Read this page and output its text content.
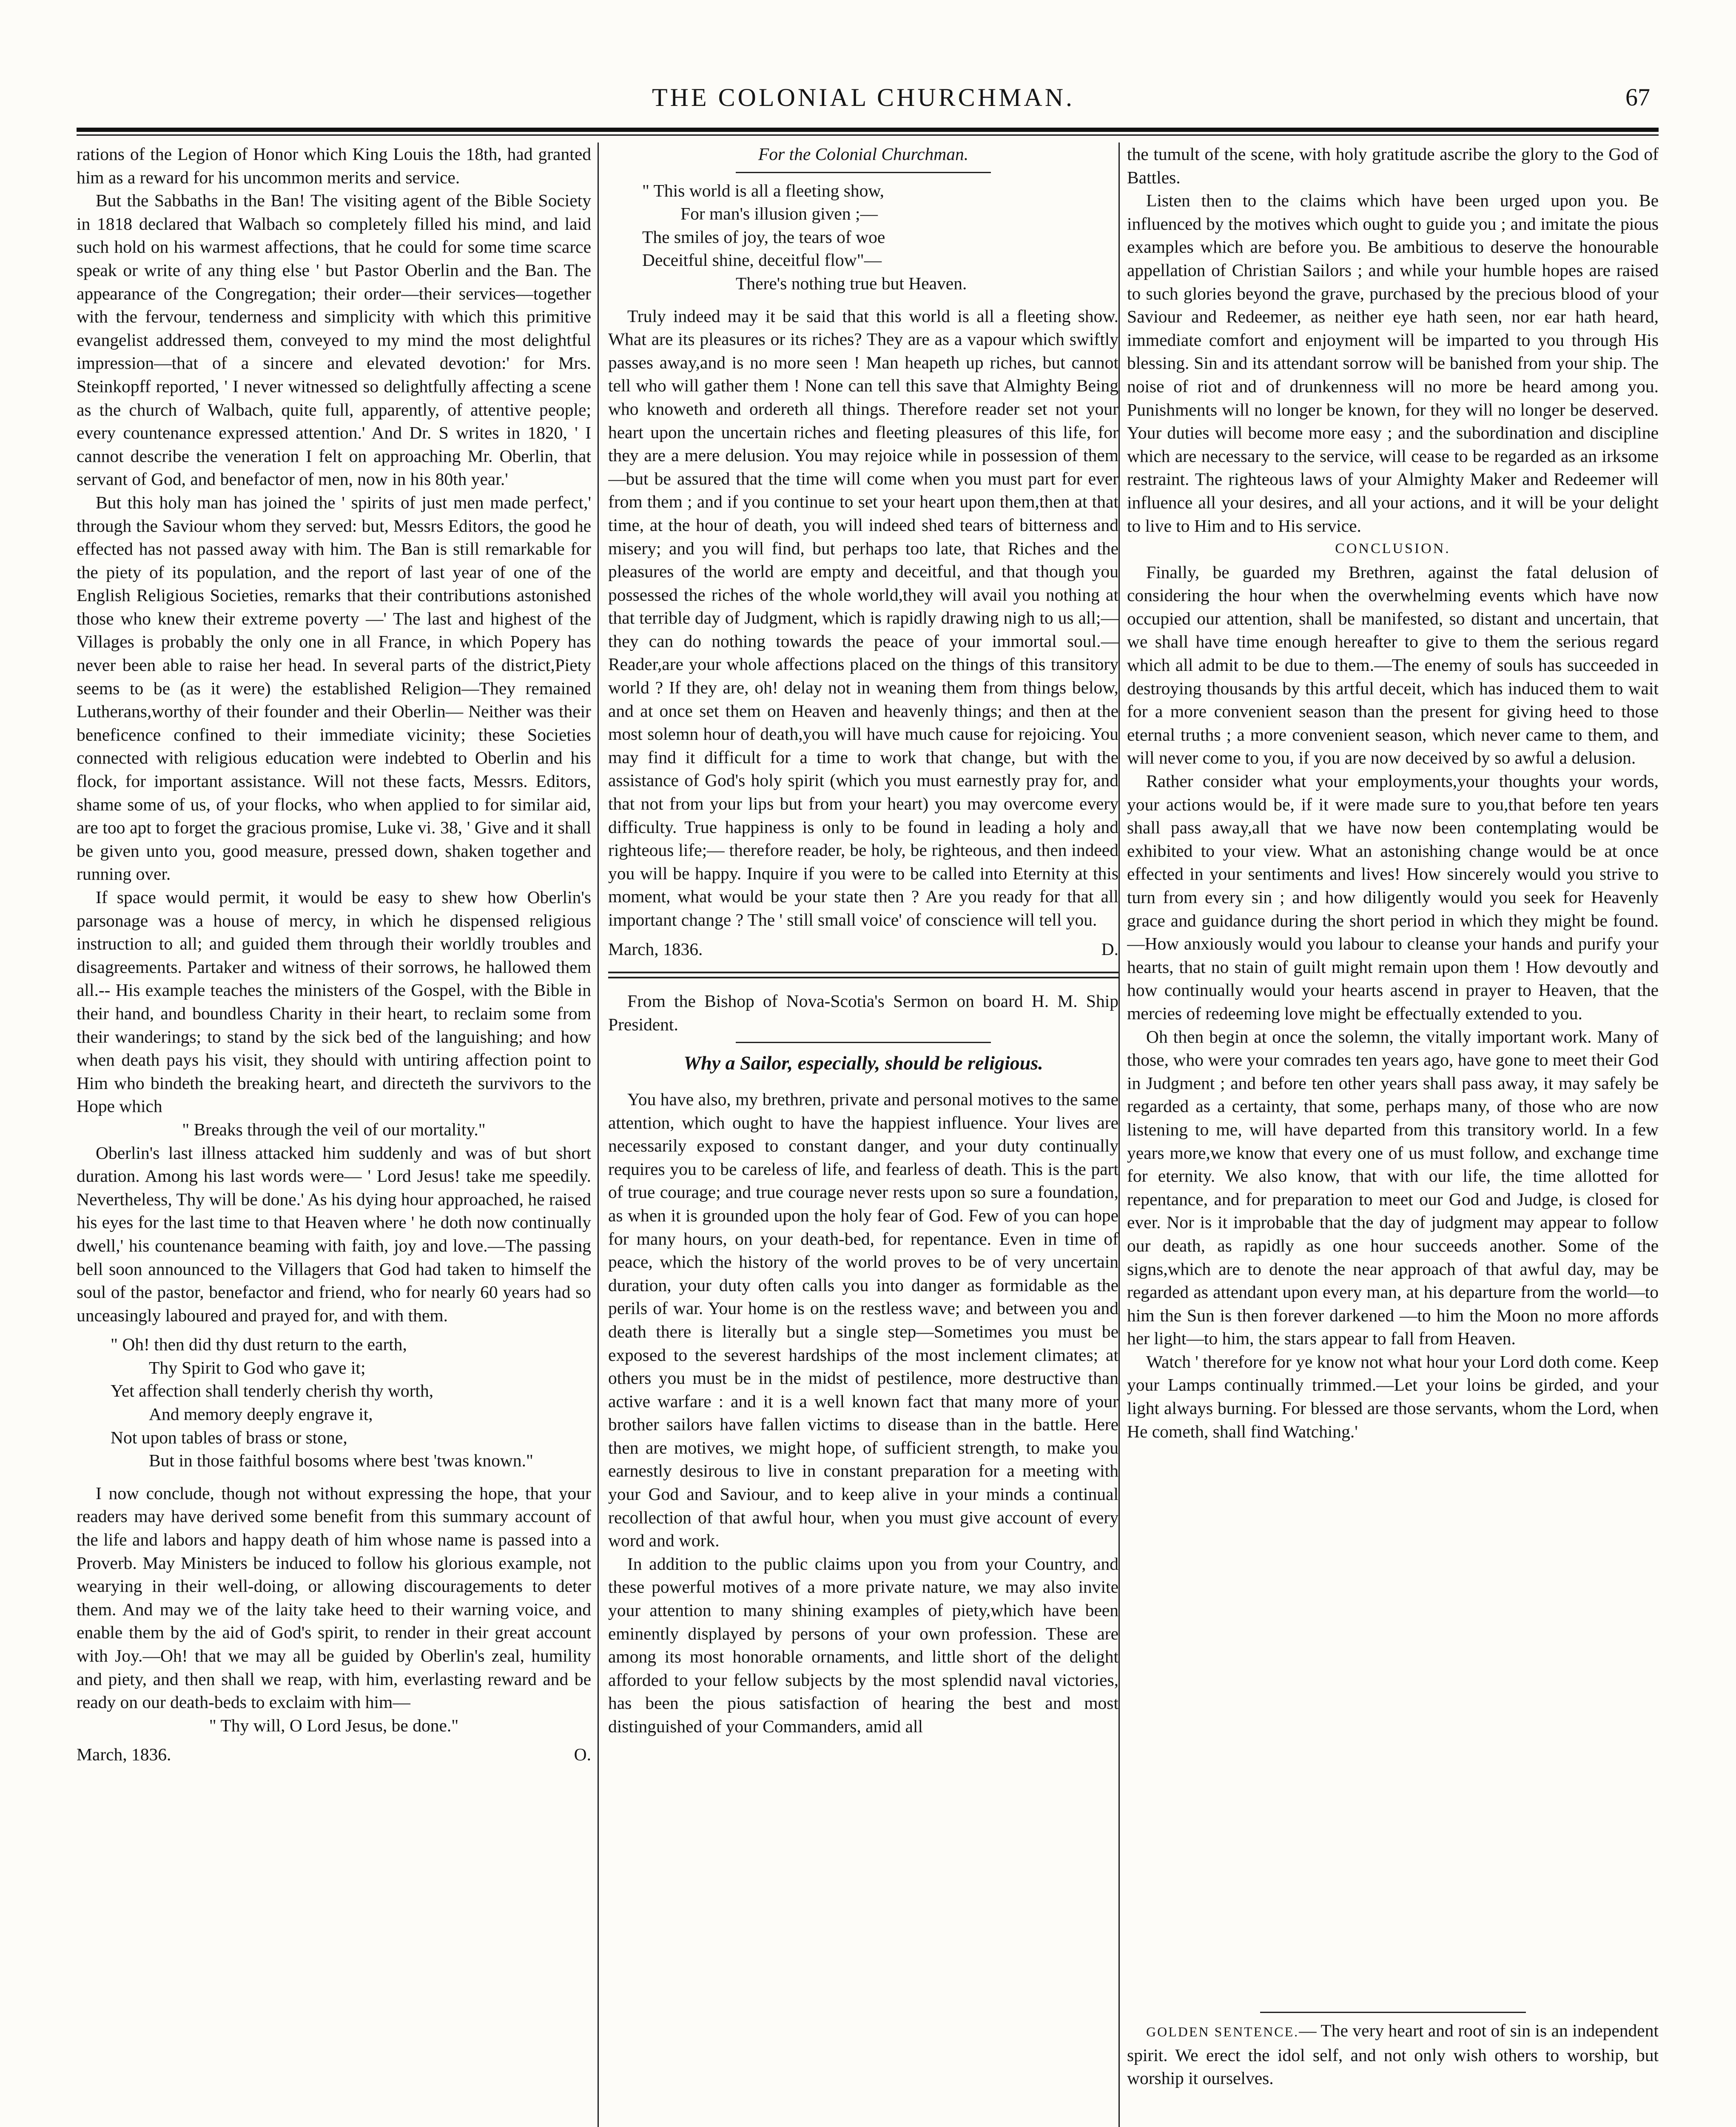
THE COLONIAL CHURCHMAN.	67

rations of the Legion of Honor which King Louis the 18th, had granted him as a reward for his uncommon merits and service.

But the Sabbaths in the Ban! The visiting agent of the Bible Society in 1818 declared that Walbach so completely filled his mind, and laid such hold on his warmest affections, that he could for some time scarce speak or write of any thing else ' but Pastor Oberlin and the Ban. The appearance of the Congregation; their order—their services—together with the fervour, tenderness and simplicity with which this primitive evangelist addressed them, conveyed to my mind the most delightful impression—that of a sincere and elevated devotion:' for Mrs. Steinkopff reported, ' I never witnessed so delightfully affecting a scene as the church of Walbach, quite full, apparently, of attentive people; every countenance expressed attention.' And Dr. S writes in 1820, ' I cannot describe the veneration I felt on approaching Mr. Oberlin, that servant of God, and benefactor of men, now in his 80th year.'

But this holy man has joined the ' spirits of just men made perfect,' through the Saviour whom they served: but, Messrs Editors, the good he effected has not passed away with him. The Ban is still remarkable for the piety of its population, and the report of last year of one of the English Religious Societies, remarks that their contributions astonished those who knew their extreme poverty —' The last and highest of the Villages is probably the only one in all France, in which Popery has never been able to raise her head. In several parts of the district,Piety seems to be (as it were) the established Religion—They remained Lutherans,worthy of their founder and their Oberlin— Neither was their beneficence confined to their immediate vicinity; these Societies connected with religious education were indebted to Oberlin and his flock, for important assistance. Will not these facts, Messrs. Editors, shame some of us, of your flocks, who when applied to for similar aid, are too apt to forget the gracious promise, Luke vi. 38, ' Give and it shall be given unto you, good measure, pressed down, shaken together and running over.

If space would permit, it would be easy to shew how Oberlin's parsonage was a house of mercy, in which he dispensed religious instruction to all; and guided them through their worldly troubles and disagreements. Partaker and witness of their sorrows, he hallowed them all.-- His example teaches the ministers of the Gospel, with the Bible in their hand, and boundless Charity in their heart, to reclaim some from their wanderings; to stand by the sick bed of the languishing; and how when death pays his visit, they should with untiring affection point to Him who bindeth the breaking heart, and directeth the survivors to the Hope which

" Breaks through the veil of our mortality."

Oberlin's last illness attacked him suddenly and was of but short duration. Among his last words were— ' Lord Jesus! take me speedily. Nevertheless, Thy will be done.' As his dying hour approached, he raised his eyes for the last time to that Heaven where ' he doth now continually dwell,' his countenance beaming with faith, joy and love.—The passing bell soon announced to the Villagers that God had taken to himself the soul of the pastor, benefactor and friend, who for nearly 60 years had so unceasingly laboured and prayed for, and with them.

" Oh! then did thy dust return to the earth,
Thy Spirit to God who gave it;
Yet affection shall tenderly cherish thy worth,
And memory deeply engrave it,
Not upon tables of brass or stone,
But in those faithful bosoms where best 'twas known."

I now conclude, though not without expressing the hope, that your readers may have derived some benefit from this summary account of the life and labors and happy death of him whose name is passed into a Proverb. May Ministers be induced to follow his glorious example, not wearying in their well-doing, or allowing discouragements to deter them. And may we of the laity take heed to their warning voice, and enable them by the aid of God's spirit, to render in their great account with Joy.—Oh! that we may all be guided by Oberlin's zeal, humility and piety, and then shall we reap, with him, everlasting reward and be ready on our death-beds to exclaim with him—

" Thy will, O Lord Jesus, be done."

March, 1836.	O.

For the Colonial Churchman.

" This world is all a fleeting show,
For man's illusion given ;—
The smiles of joy, the tears of woe
Deceitful shine, deceitful flow"—
There's nothing true but Heaven.

Truly indeed may it be said that this world is all a fleeting show. What are its pleasures or its riches? They are as a vapour which swiftly passes away,and is no more seen ! Man heapeth up riches, but cannot tell who will gather them ! None can tell this save that Almighty Being who knoweth and ordereth all things. Therefore reader set not your heart upon the uncertain riches and fleeting pleasures of this life, for they are a mere delusion. You may rejoice while in possession of them—but be assured that the time will come when you must part for ever from them ; and if you continue to set your heart upon them,then at that time, at the hour of death, you will indeed shed tears of bitterness and misery; and you will find, but perhaps too late, that Riches and the pleasures of the world are empty and deceitful, and that though you possessed the riches of the whole world,they will avail you nothing at that terrible day of Judgment, which is rapidly drawing nigh to us all;—they can do nothing towards the peace of your immortal soul.— Reader,are your whole affections placed on the things of this transitory world ? If they are, oh! delay not in weaning them from things below, and at once set them on Heaven and heavenly things; and then at the most solemn hour of death,you will have much cause for rejoicing. You may find it difficult for a time to work that change, but with the assistance of God's holy spirit (which you must earnestly pray for, and that not from your lips but from your heart) you may overcome every difficulty. True happiness is only to be found in leading a holy and righteous life;— therefore reader, be holy, be righteous, and then indeed you will be happy. Inquire if you were to be called into Eternity at this moment, what would be your state then ? Are you ready for that all important change ? The ' still small voice' of conscience will tell you.

March, 1836.	D.

From the Bishop of Nova-Scotia's Sermon on board H. M. Ship President.

Why a Sailor, especially, should be religious.

You have also, my brethren, private and personal motives to the same attention, which ought to have the happiest influence. Your lives are necessarily exposed to constant danger, and your duty continually requires you to be careless of life, and fearless of death. This is the part of true courage; and true courage never rests upon so sure a foundation, as when it is grounded upon the holy fear of God. Few of you can hope for many hours, on your death-bed, for repentance. Even in time of peace, which the history of the world proves to be of very uncertain duration, your duty often calls you into danger as formidable as the perils of war. Your home is on the restless wave; and between you and death there is literally but a single step—Sometimes you must be exposed to the severest hardships of the most inclement climates; at others you must be in the midst of pestilence, more destructive than active warfare : and it is a well known fact that many more of your brother sailors have fallen victims to disease than in the battle. Here then are motives, we might hope, of sufficient strength, to make you earnestly desirous to live in constant preparation for a meeting with your God and Saviour, and to keep alive in your minds a continual recollection of that awful hour, when you must give account of every word and work.

In addition to the public claims upon you from your Country, and these powerful motives of a more private nature, we may also invite your attention to many shining examples of piety,which have been eminently displayed by persons of your own profession. These are among its most honorable ornaments, and little short of the delight afforded to your fellow subjects by the most splendid naval victories, has been the pious satisfaction of hearing the best and most distinguished of your Commanders, amid all

the tumult of the scene, with holy gratitude ascribe the glory to the God of Battles.

Listen then to the claims which have been urged upon you. Be influenced by the motives which ought to guide you ; and imitate the pious examples which are before you. Be ambitious to deserve the honourable appellation of Christian Sailors ; and while your humble hopes are raised to such glories beyond the grave, purchased by the precious blood of your Saviour and Redeemer, as neither eye hath seen, nor ear hath heard, immediate comfort and enjoyment will be imparted to you through His blessing. Sin and its attendant sorrow will be banished from your ship. The noise of riot and of drunkenness will no more be heard among you. Punishments will no longer be known, for they will no longer be deserved. Your duties will become more easy ; and the subordination and discipline which are necessary to the service, will cease to be regarded as an irksome restraint. The righteous laws of your Almighty Maker and Redeemer will influence all your desires, and all your actions, and it will be your delight to live to Him and to His service.

CONCLUSION.

Finally, be guarded my Brethren, against the fatal delusion of considering the hour when the overwhelming events which have now occupied our attention, shall be manifested, so distant and uncertain, that we shall have time enough hereafter to give to them the serious regard which all admit to be due to them.—The enemy of souls has succeeded in destroying thousands by this artful deceit, which has induced them to wait for a more convenient season than the present for giving heed to those eternal truths ; a more convenient season, which never came to them, and will never come to you, if you are now deceived by so awful a delusion.

Rather consider what your employments,your thoughts your words, your actions would be, if it were made sure to you,that before ten years shall pass away,all that we have now been contemplating would be exhibited to your view. What an astonishing change would be at once effected in your sentiments and lives! How sincerely would you strive to turn from every sin ; and how diligently would you seek for Heavenly grace and guidance during the short period in which they might be found.—How anxiously would you labour to cleanse your hands and purify your hearts, that no stain of guilt might remain upon them ! How devoutly and how continually would your hearts ascend in prayer to Heaven, that the mercies of redeeming love might be effectually extended to you.

Oh then begin at once the solemn, the vitally important work. Many of those, who were your comrades ten years ago, have gone to meet their God in Judgment ; and before ten other years shall pass away, it may safely be regarded as a certainty, that some, perhaps many, of those who are now listening to me, will have departed from this transitory world. In a few years more,we know that every one of us must follow, and exchange time for eternity. We also know, that with our life, the time allotted for repentance, and for preparation to meet our God and Judge, is closed for ever. Nor is it improbable that the day of judgment may appear to follow our death, as rapidly as one hour succeeds another. Some of the signs,which are to denote the near approach of that awful day, may be regarded as attendant upon every man, at his departure from the world—to him the Sun is then forever darkened —to him the Moon no more affords her light—to him, the stars appear to fall from Heaven.

Watch ' therefore for ye know not what hour your Lord doth come. Keep your Lamps continually trimmed.—Let your loins be girded, and your light always burning. For blessed are those servants, whom the Lord, when He cometh, shall find Watching.'

GOLDEN SENTENCE.— The very heart and root of sin is an independent spirit. We erect the idol self, and not only wish others to worship, but worship it ourselves.
